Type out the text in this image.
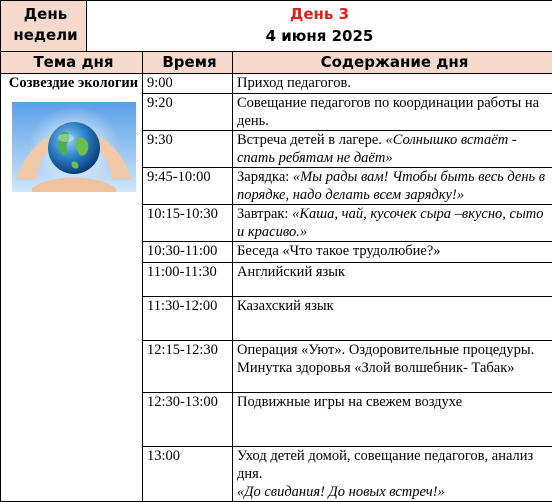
День недели	День 3
4 июня 2025		

Тема дня		Время	Содержание дня

Созвездие экологии		9:00	Приход педагогов.
		9:20	Совещание педагогов по координации работы на день.
		9:30	Встреча детей в лагере. «Солнышко встаёт - спать ребятам не даёт»
		9:45-10:00	Зарядка: «Мы рады вам! Чтобы быть весь день в порядке, надо делать всем зарядку!»
		10:15-10:30	Завтрак: «Каша, чай, кусочек сыра –вкусно, сыто и красиво.»
		10:30-11:00	Беседа «Что такое трудолюбие?»
		11:00-11:30	Английский язык
		11:30-12:00	Казахский язык
		12:15-12:30	Операция «Уют». Оздоровительные процедуры. Минутка здоровья «Злой волшебник- Табак»
		12:30-13:00	Подвижные игры на свежем воздухе
		13:00	Уход детей домой, совещание педагогов, анализ дня.
«До свидания! До новых встреч!»
